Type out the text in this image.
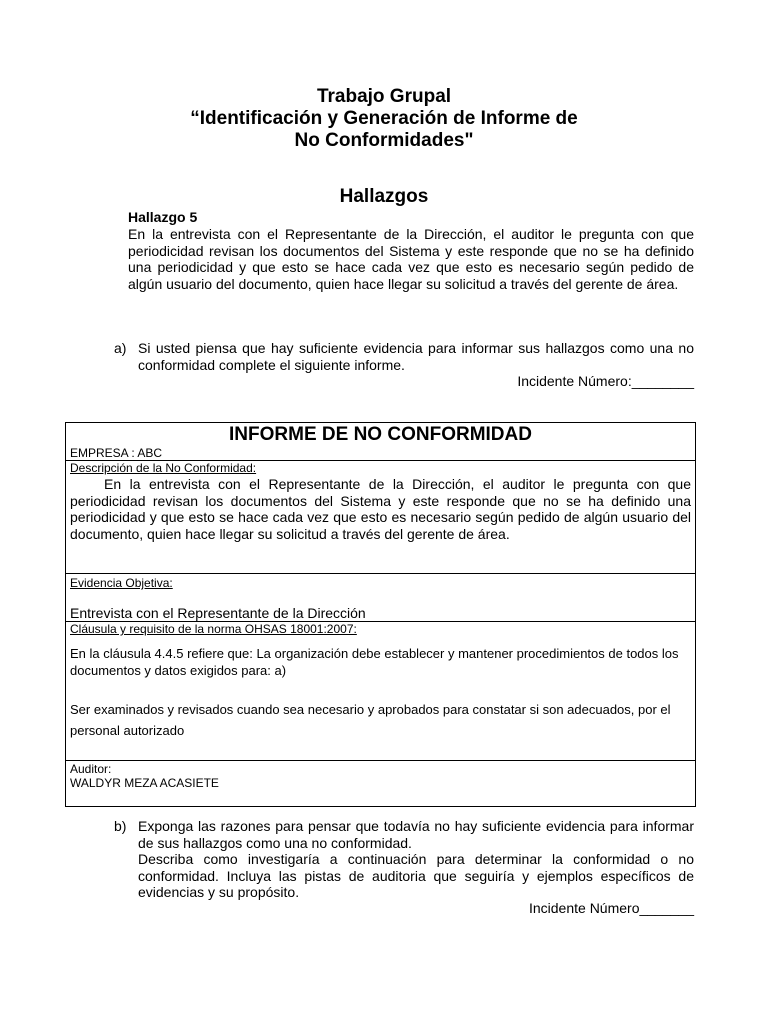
Trabajo Grupal
“Identificación y Generación de Informe de
No Conformidades"
Hallazgos
Hallazgo 5
En la entrevista con el Representante de la Dirección, el auditor le pregunta con que periodicidad revisan los documentos del Sistema y este responde que no se ha definido una periodicidad y que esto se hace cada vez que esto es necesario según pedido de algún usuario del documento, quien hace llegar su solicitud a través del gerente de área.
a) Si usted piensa que hay suficiente evidencia para informar sus hallazgos como una no conformidad complete el siguiente informe.
Incidente Número:________
INFORME DE NO CONFORMIDAD
EMPRESA : ABC

Descripción de la No Conformidad:

En la entrevista con el Representante de la Dirección, el auditor le pregunta con que periodicidad revisan los documentos del Sistema y este responde que no se ha definido una periodicidad y que esto se hace cada vez que esto es necesario según pedido de algún usuario del documento, quien hace llegar su solicitud a través del gerente de área.

Evidencia Objetiva:
Entrevista con el Representante de la Dirección

Cláusula y requisito de la norma OHSAS 18001:2007:
En la cláusula 4.4.5 refiere que: La organización debe establecer y mantener procedimientos de todos los documentos y datos exigidos para: a)
Ser examinados y revisados cuando sea necesario y aprobados para constatar si son adecuados, por el personal autorizado

Auditor:
WALDYR MEZA ACASIETE
b) Exponga las razones para pensar que todavía no hay suficiente evidencia para informar de sus hallazgos como una no conformidad.
Describa como investigaría a continuación para determinar la conformidad o no conformidad. Incluya las pistas de auditoria que seguiría y ejemplos específicos de evidencias y su propósito.
Incidente Número_______
